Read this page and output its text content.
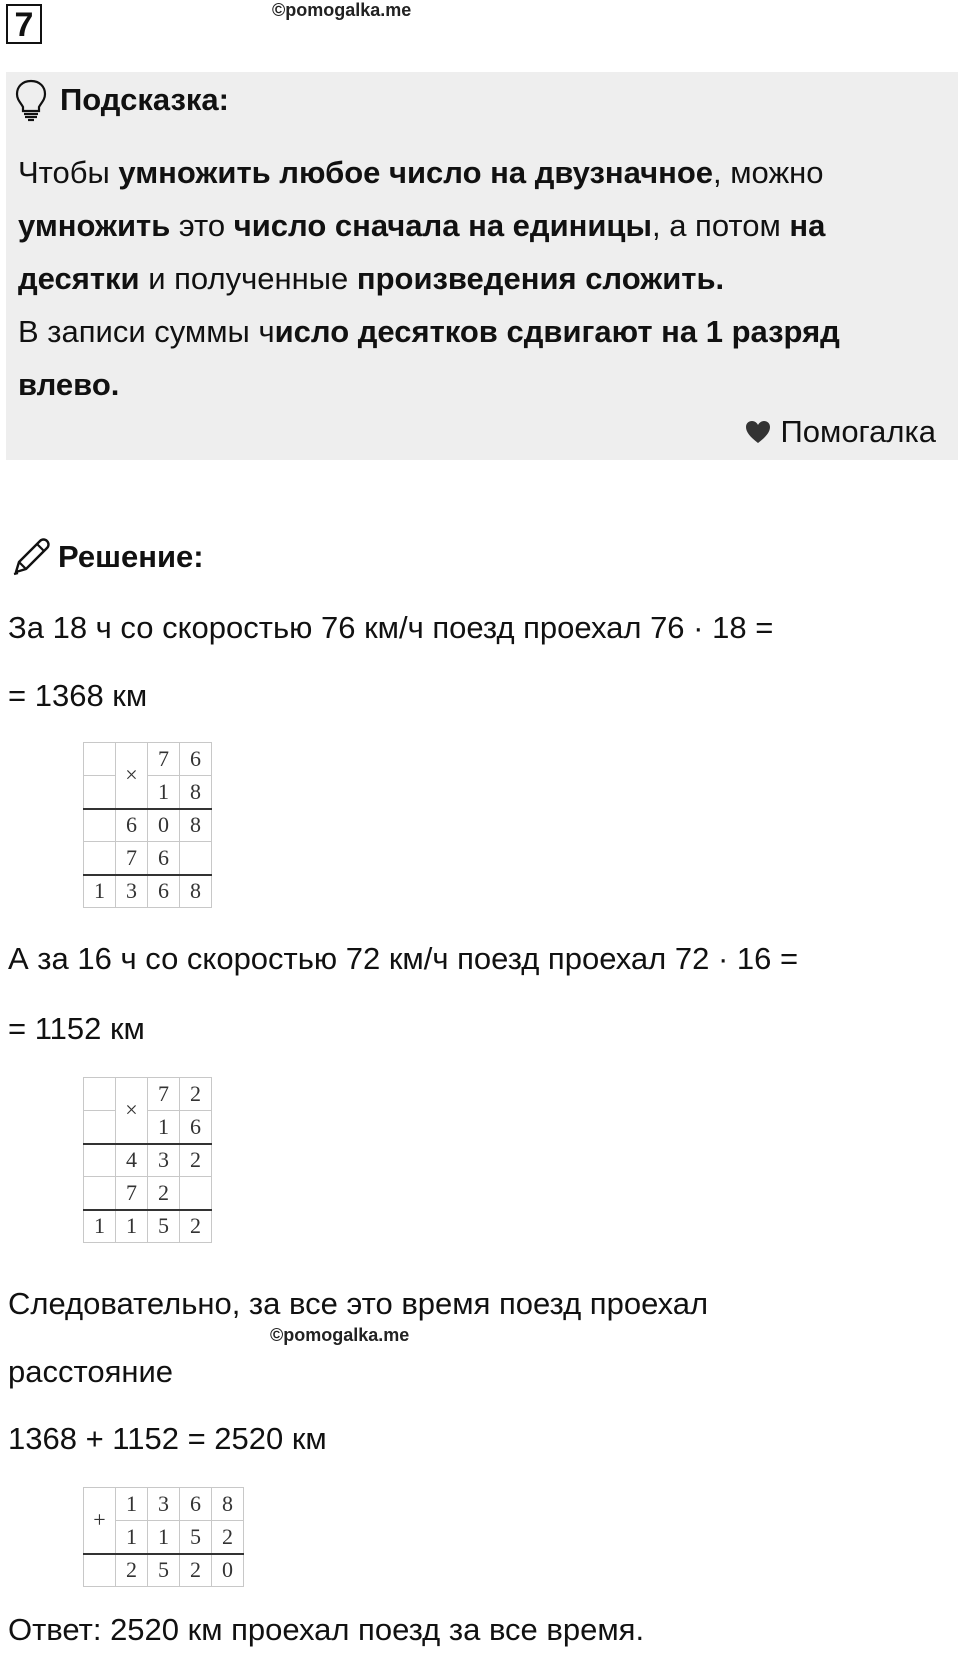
7	©pomogalka.me
Подсказка:
Чтобы умножить любое число на двузначное, можно умножить это число сначала на единицы, а потом на десятки и полученные произведения сложить.
В записи суммы число десятков сдвигают на 1 разряд влево.
Помогалка
Решение:
За 18 ч со скоростью 76 км/ч поезд проехал 76 · 18 =
= 1368 км
	×	7	6
		1	8
	6	0	8
	7	6	
1	3	6	8
А за 16 ч со скоростью 72 км/ч поезд проехал 72 · 16 =
= 1152 км
	×	7	2
		1	6
	4	3	2
	7	2	
1	1	5	2
Следовательно, за все это время поезд проехал
©pomogalka.me
расстояние
1368 + 1152 = 2520 км
+	1	3	6	8
	1	1	5	2
	2	5	2	0
Ответ: 2520 км проехал поезд за все время.
